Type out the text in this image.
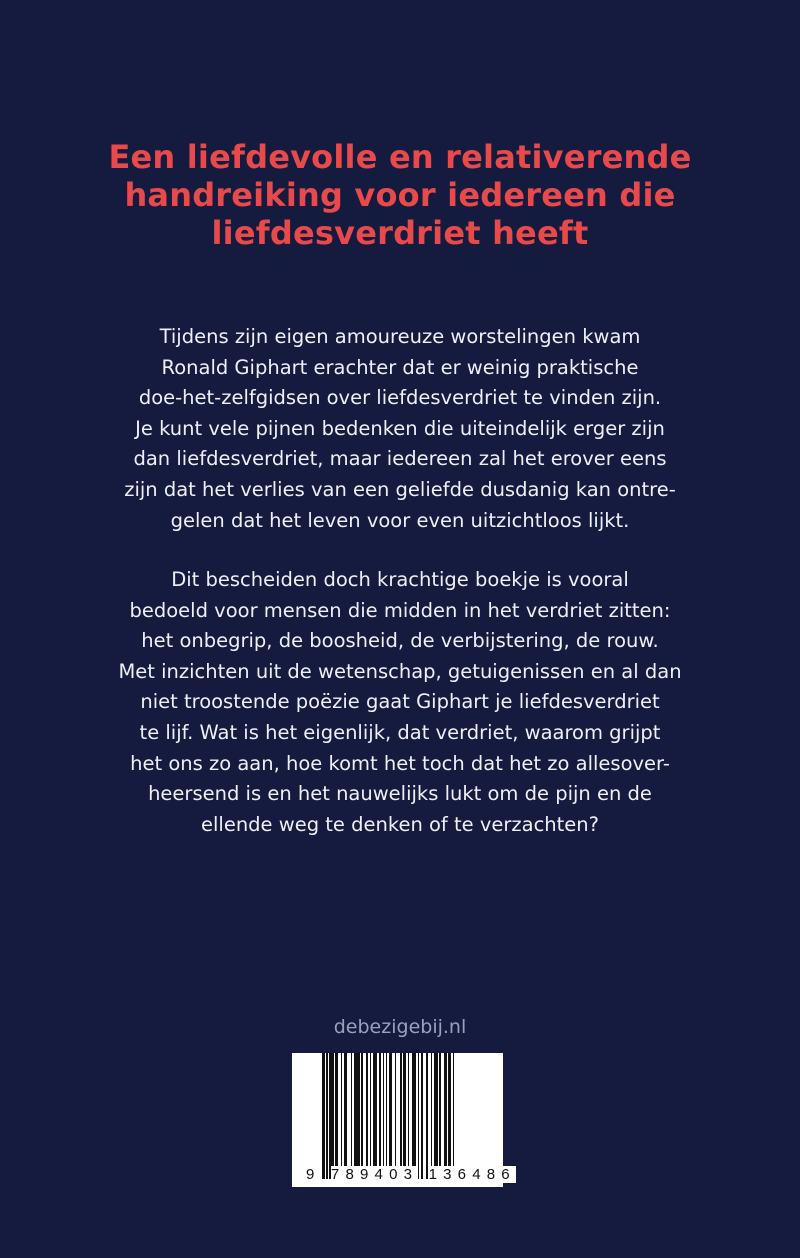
Een liefdevolle en relativerende
handreiking voor iedereen die
liefdesverdriet heeft
Tijdens zijn eigen amoureuze worstelingen kwam
Ronald Giphart erachter dat er weinig praktische
doe-het-zelfgidsen over liefdesverdriet te vinden zijn.
Je kunt vele pijnen bedenken die uiteindelijk erger zijn
dan liefdesverdriet, maar iedereen zal het erover eens
zijn dat het verlies van een geliefde dusdanig kan ontre-
gelen dat het leven voor even uitzichtloos lijkt.
Dit bescheiden doch krachtige boekje is vooral
bedoeld voor mensen die midden in het verdriet zitten:
het onbegrip, de boosheid, de verbijstering, de rouw.
Met inzichten uit de wetenschap, getuigenissen en al dan
niet troostende poëzie gaat Giphart je liefdesverdriet
te lijf. Wat is het eigenlijk, dat verdriet, waarom grijpt
het ons zo aan, hoe komt het toch dat het zo allesover-
heersend is en het nauwelijks lukt om de pijn en de
ellende weg te denken of te verzachten?
debezigebij.nl
9 789403 136486
